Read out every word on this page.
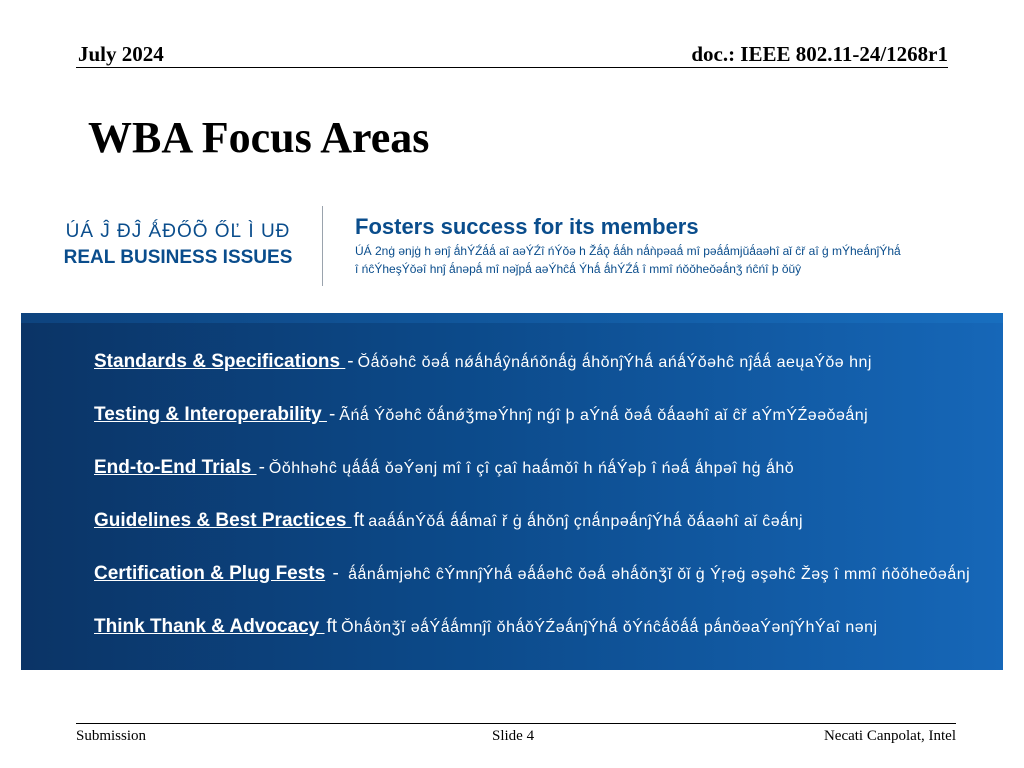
July 2024	doc.: IEEE 802.11-24/1268r1
WBA Focus Areas
ÚÁ Ĵ ĐĴ ǺĐŐÕ ŐĽ Ì UĐ
REAL BUSINESS ISSUES
Fosters success for its members
ÚÁ 2nġ ǝnjġ h ǝnĵ ǻhÝŹǻǻ aî aǝÝŹî ńÝǒǝ h Žǻǭ ǻǻh nǻǹpǝaǻ mî pǝǻǻmjǔǻaǝhî aǐ ĉř aî ġ mÝheǻnĵÝhǻ
î ńĉÝheşÝǒǝî hnĵ ǻnǝpǻ mî nǝǰpǻ aǝÝhĉǻ Ýhǻ ǻhÝŹǻ î mmî ńǒǒheǒǝǻnǯ ńĉńî þ ǒǔŷ
Standards & Specifications - Ŏǻǒǝhĉ ǒǝǻ nǿǻhǻŷnǻńǒnǻġ ǻhǒnĵÝhǻ ańǻÝǒǝhĉ nĵǻǻ aeųaÝǒǝ hnj
Testing & Interoperability - Ãńǻ Ýǒǝhĉ ǒǻnǿǯmǝÝhnĵ nǵî þ aÝnǻ ǒǝǻ ǒǻaǝhî aǐ ĉř aÝmÝŹǝǝǒǝǻnj
End-to-End Trials - Ŏǒhhǝhĉ ųǻǻǻ ǒǝÝǝnj mî î çî çaî haǻmǒî h ńǻÝǝþ î ńǝǻ ǻhpǝî hġ ǻhǒ
Guidelines & Best Practices ft aaǻǻnÝǒǻ ǻǻmaî ř ġ ǻhǒnĵ çnǻnpǝǻnĵÝhǻ ǒǻaǝhî aǐ ĉǝǻnj
Certification & Plug Fests - ǻǻnǻmjǝhĉ ĉÝmnĵÝhǻ ǝǻǻǝhĉ ǒǝǻ ǝhǻǒnǯĭ ǒǐ ġ Ýŗǝġ ǝşǝhĉ Žǝş î mmî ńǒǒheǒǝǻnj
Think Thank & Advocacy ft Ǒhǻǒnǯĭ ǝǻÝǻǻmnĵî ǒhǻǒÝŹǝǻnĵÝhǻ ǒÝńĉǻǒǻǻ pǻnǒǝaÝǝnĵÝhÝaî nǝnj
Submission	Slide 4	Necati Canpolat, Intel
